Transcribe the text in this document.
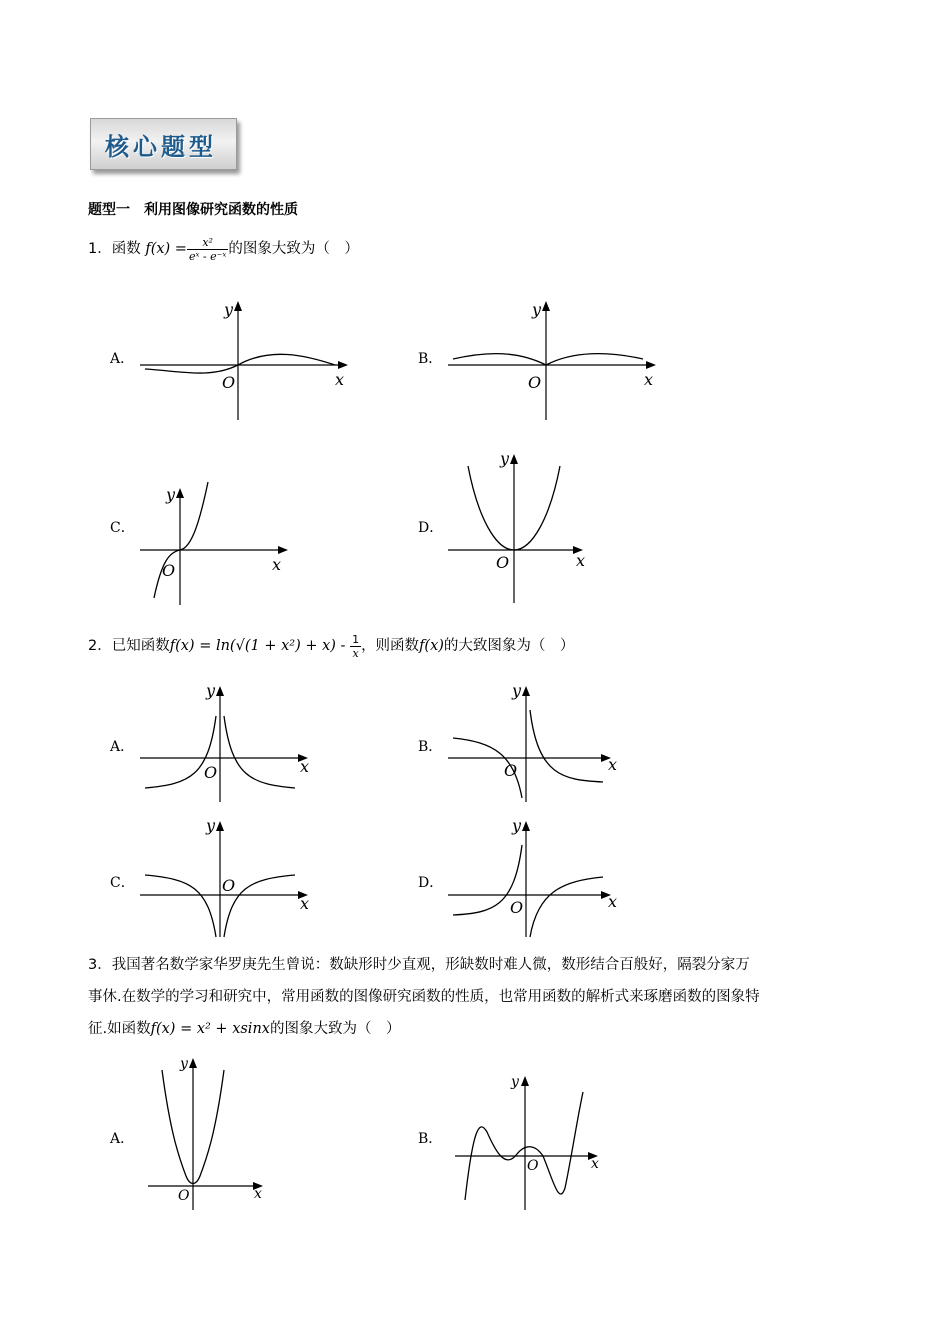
核心题型
题型一　利用图像研究函数的性质
1．函数 $f(x) = \frac{\text{x²}}{\text{eˣ - e⁻ˣ}}$ 的图象大致为（　）
A．	B．
C．	D．
y
x
O
y
x
O
y
x
O
y
x
O
2．已知函数$f(x) = \ln(√(1 + x^2) + x) - \frac{1}{x}$ ，则函数f(x)的大致图象为（　）
A．	B．
C．	D．
y
x
O
y
x
O
y
x
O
y
x
O
3．我国著名数学家华罗庚先生曾说：数缺形时少直观，形缺数时难人微，数形结合百般好，隔裂分家万
事休.在数学的学习和研究中，常用函数的图像研究函数的性质，也常用函数的解析式来琢磨函数的图象特
征.如函数f(x) = x² + xsinx的图象大致为（　）
A．	B．
y
x
O
y
x
O
